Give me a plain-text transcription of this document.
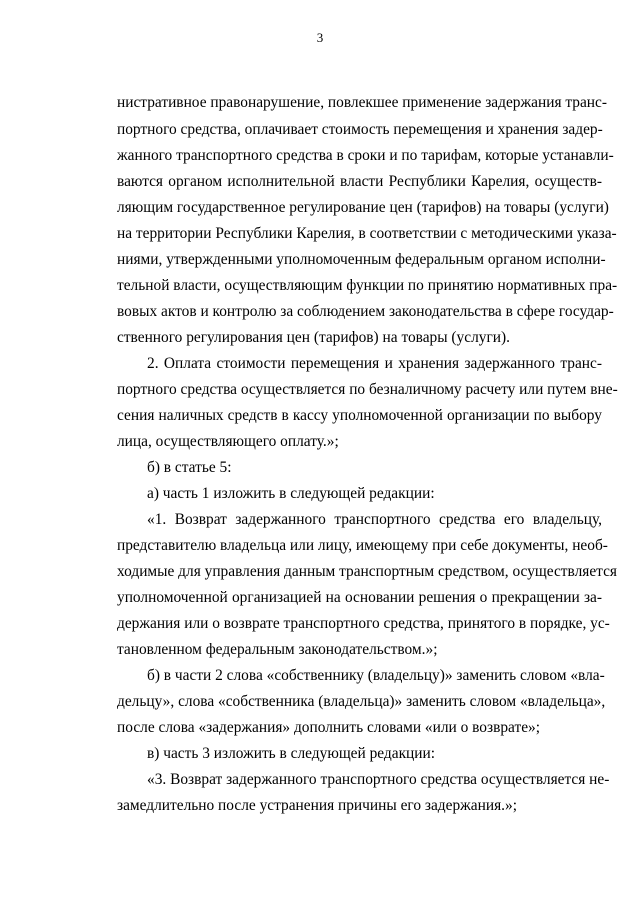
3
нистративное правонарушение, повлекшее применение задержания транс-
портного средства, оплачивает стоимость перемещения и хранения задер-
жанного транспортного средства в сроки и по тарифам, которые устанавли-
ваются органом исполнительной власти Республики Карелия, осуществ-
ляющим государственное регулирование цен (тарифов) на товары (услуги)
на территории Республики Карелия, в соответствии с методическими указа-
ниями, утвержденными уполномоченным федеральным органом исполни-
тельной власти, осуществляющим функции по принятию нормативных пра-
вовых актов и контролю за соблюдением законодательства в сфере государ-
ственного регулирования цен (тарифов) на товары (услуги).
2. Оплата стоимости перемещения и хранения задержанного транс-
портного средства осуществляется по безналичному расчету или путем вне-
сения наличных средств в кассу уполномоченной организации по выбору
лица, осуществляющего оплату.»;
б) в статье 5:
а) часть 1 изложить в следующей редакции:
«1. Возврат задержанного транспортного средства его владельцу,
представителю владельца или лицу, имеющему при себе документы, необ-
ходимые для управления данным транспортным средством, осуществляется
уполномоченной организацией на основании решения о прекращении за-
держания или о возврате транспортного средства, принятого в порядке, ус-
тановленном федеральным законодательством.»;
б) в части 2 слова «собственнику (владельцу)» заменить словом «вла-
дельцу», слова «собственника (владельца)» заменить словом «владельца»,
после слова «задержания» дополнить словами «или о возврате»;
в) часть 3 изложить в следующей редакции:
«3. Возврат задержанного транспортного средства осуществляется не-
замедлительно после устранения причины его задержания.»;
